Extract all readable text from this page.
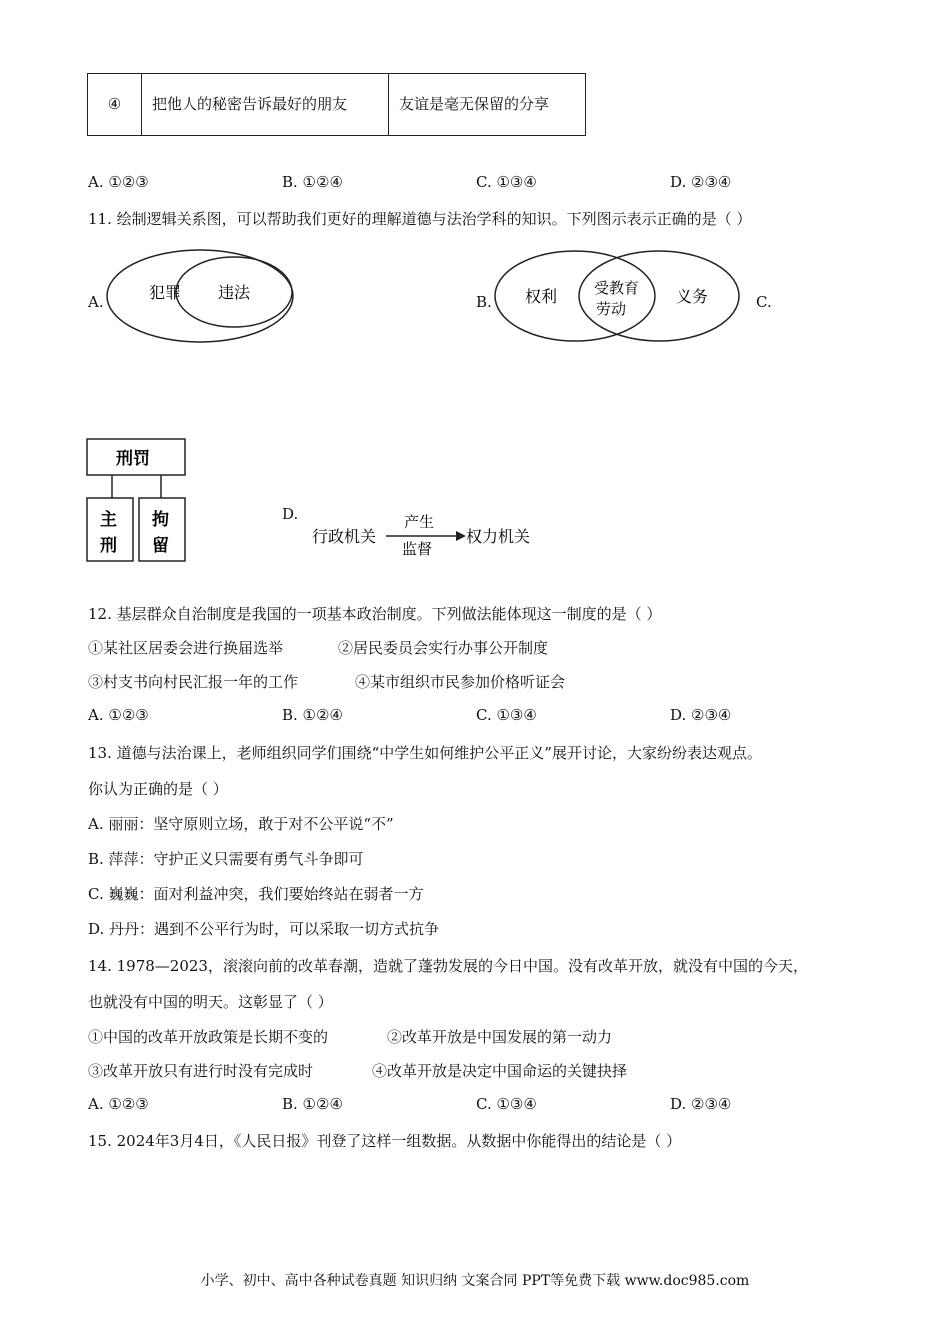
④	把他人的秘密告诉最好的朋友	友谊是毫无保留的分享
A. ①②③	B. ①②④	C. ①③④	D. ②③④
11. 绘制逻辑关系图，可以帮助我们更好的理解道德与法治学科的知识。下列图示表示正确的是（ ）
A.	犯罪 违法	B. 权利 受教育
劳动
义务	C.
刑罚
主
刑
拘
留
D.
行政机关
产生
监督
权力机关
12. 基层群众自治制度是我国的一项基本政治制度。下列做法能体现这一制度的是（ ）
①某社区居委会进行换届选举	②居民委员会实行办事公开制度
③村支书向村民汇报一年的工作	④某市组织市民参加价格听证会
A. ①②③	B. ①②④	C. ①③④	D. ②③④
13. 道德与法治课上，老师组织同学们围绕“中学生如何维护公平正义”展开讨论，大家纷纷表达观点。
你认为正确的是（ ）
A. 丽丽：坚守原则立场，敢于对不公平说“不”
B. 萍萍：守护正义只需要有勇气斗争即可
C. 巍巍：面对利益冲突，我们要始终站在弱者一方
D. 丹丹：遇到不公平行为时，可以采取一切方式抗争
14. 1978—2023，滚滚向前的改革春潮，造就了蓬勃发展的今日中国。没有改革开放，就没有中国的今天，
也就没有中国的明天。这彰显了（ ）
①中国的改革开放政策是长期不变的	②改革开放是中国发展的第一动力
③改革开放只有进行时没有完成时	④改革开放是决定中国命运的关键抉择
A. ①②③	B. ①②④	C. ①③④	D. ②③④
15. 2024年3月4日，《人民日报》刊登了这样一组数据。从数据中你能得出的结论是（ ）
小学、初中、高中各种试卷真题 知识归纳 文案合同 PPT等免费下载 www.doc985.com
